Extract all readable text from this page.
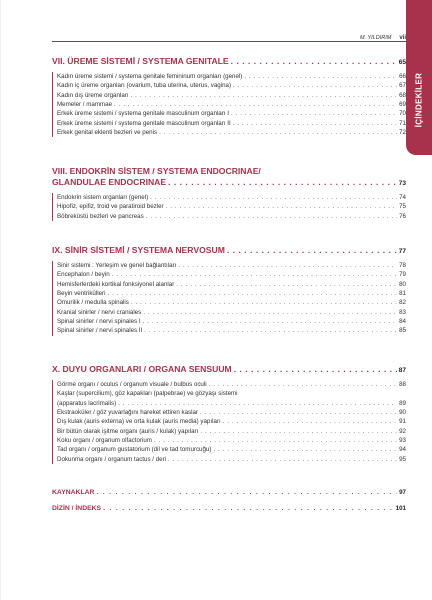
M. YILDIRIM vii
İÇİNDEKİLER
VII. ÜREME SİSTEMİ / SYSTEMA GENITALE . . .	65
Kadın üreme sistemi / systema genitale femininum organları (genel) . . .	66
Kadın iç üreme organları (ovarium, tuba uterina, uterus, vagina) . . .	67
Kadın dış üreme organları . . .	68
Memeler / mammae . . .	69
Erkek üreme sistemi / systema genitale masculinum organları I . . .	70
Erkek üreme sistemi / systema genitale masculinum organları II . . .	71
Erkek genital eklenti bezleri ve penis . . .	72
VIII. ENDOKRİN SİSTEM / SYSTEMA ENDOCRINAE/
GLANDULAE ENDOCRINAE . . .	73
Endokrin sistem organları (genel) . . .	74
Hipofiz, epifiz, troid ve paratiroid bezler . . .	75
Böbreküstü bezleri ve pancreas . . .	76
IX. SİNİR SİSTEMİ / SYSTEMA NERVOSUM . . .	77
Sinir sistemi : Yerleşim ve genel bağlantıları . . .	78
Encephalon / beyin . . .	79
Hemisferlerdeki kortikal fonksiyonel alanlar . . .	80
Beyin ventrikülleri . . .	81
Omurilik / medulla spinalis . . .	82
Kranial sinirler / nervi craniales . . .	83
Spinal sinirler / nervi spinales I . . .	84
Spinal sinirler / nervi spinales II . . .	85
X. DUYU ORGANLARI / ORGANA SENSUUM . . .	87
Görme organı / oculus / organum visuale / bulbus oculi . . .	88
Kaşlar (supercilium), göz kapakları (palpebrae) ve gözyaşı sistemi
(apparatus lacrimalis) . . .	89
Ekstraoküler / göz yuvarlağını hareket ettiren kaslar . . .	90
Dış kulak (auris externa) ve orta kulak (auris media) yapıları . . .	91
Bir bütün olarak işitme organı (auris / kulak) yapıları . . .	92
Koku organı / organum olfactorium . . .	93
Tad organı / organum gustatorium (dil ve tad tomurcuğu) . . .	94
Dokunma organı / organum tactus / deri . . .	95
KAYNAKLAR . . .	97
DİZİN / İNDEKS . . .	101
